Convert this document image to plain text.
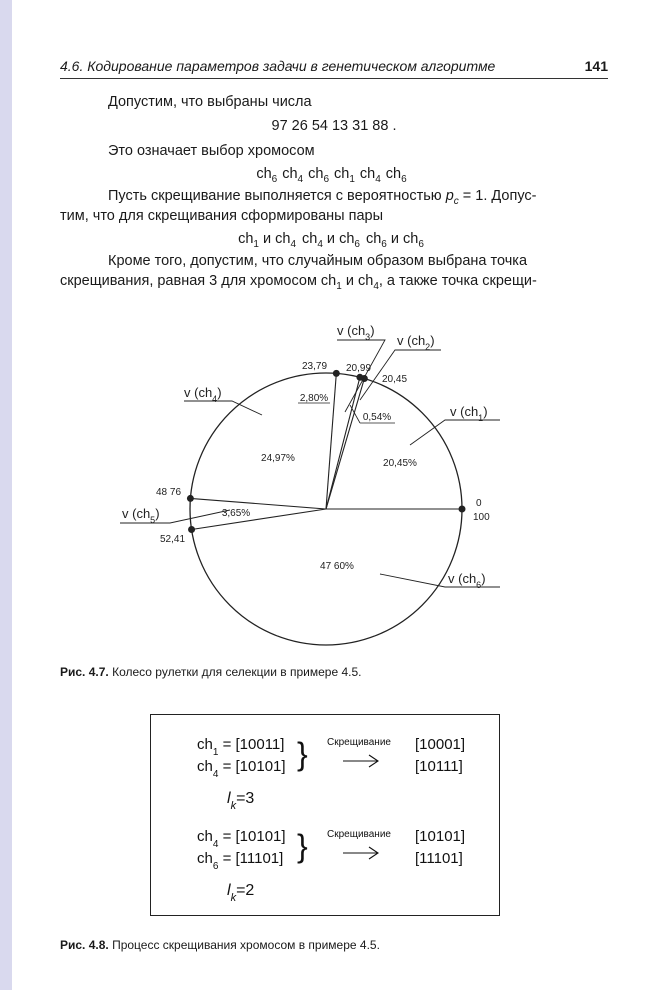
4.6. Кодирование параметров задачи в генетическом алгоритме	141
Допустим, что выбраны числа
97 26 54 13 31 88 .
Это означает выбор хромосом
$ch_6$ $ch_4$ $ch_6$ $ch_1$ $ch_4$ $ch_6$
Пусть скрещивание выполняется с вероятностью $p_c = 1$. Допус-
тим, что для скрещивания сформированы пары
$ch_1$ и $ch_4$ $ch_4$ и $ch_6$ $ch_6$ и $ch_6$
Кроме того, допустим, что случайным образом выбрана точка
скрещивания, равная 3 для хромосом $ch_1$ и $ch_4$, а также точка скрещи-
20,45%
0,54%
2,80%
24,97%
3,65%
47 60%
0
100
20,45
20,99
23,79
48 76
52,41
v $(ch_3)$
v $(ch_2)$
v $(ch_4)$
v $(ch_1)$
v $(ch_5)$
v $(ch_6)$
Рис. 4.7. Колесо рулетки для селекции в примере 4.5.
$ch_1 = [10011]$
$ch_4 = [10101]$ } Скрещивание [10001]
[10111]
$l_k=3$
$ch_4 = [10101]$
$ch_6 = [11101]$ } Скрещивание [10101]
[11101]
$l_k=2$
Рис. 4.8. Процесс скрещивания хромосом в примере 4.5.
